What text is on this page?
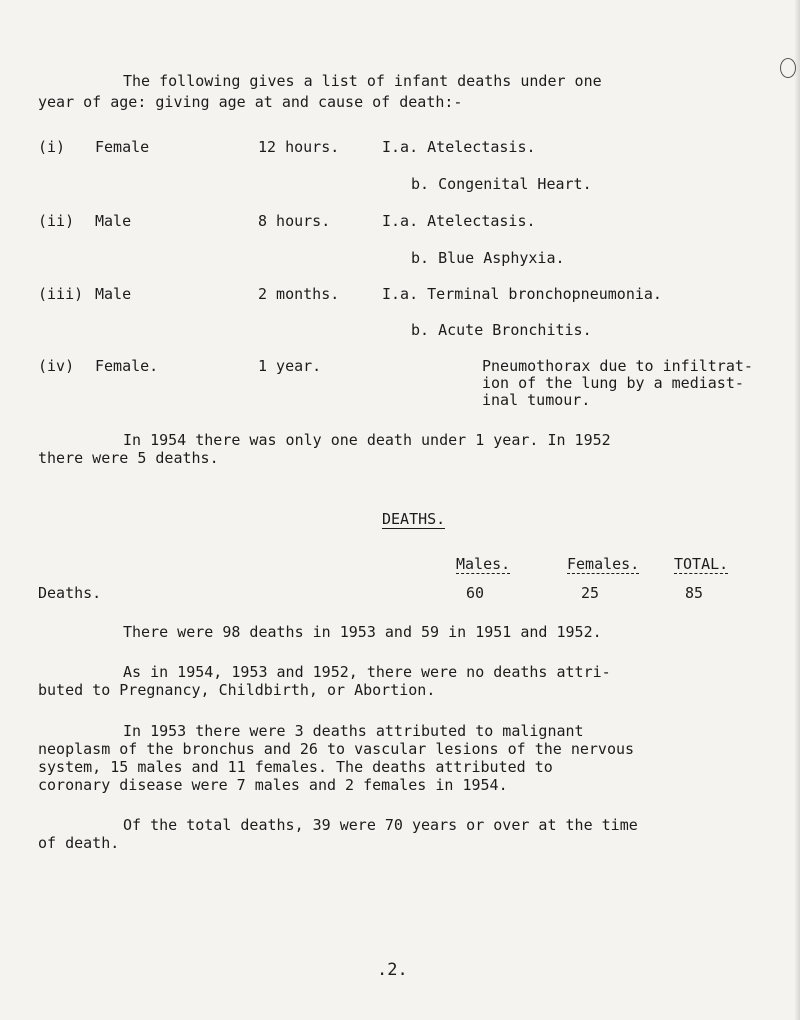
The following gives a list of infant deaths under one
year of age: giving age at and cause of death:-
(i) Female	12 hours.	I.a. Atelectasis.
b. Congenital Heart.
(ii) Male	8 hours.	I.a. Atelectasis.
b. Blue Asphyxia.
(iii) Male	2 months.	I.a. Terminal bronchopneumonia.
b. Acute Bronchitis.
(iv) Female.	1 year.	Pneumothorax due to infiltrat-
ion of the lung by a mediast-
inal tumour.
In 1954 there was only one death under 1 year. In 1952
there were 5 deaths.
DEATHS.
Males.	Females. TOTAL.
Deaths.	60	25	85
There were 98 deaths in 1953 and 59 in 1951 and 1952.
As in 1954, 1953 and 1952, there were no deaths attri-
buted to Pregnancy, Childbirth, or Abortion.
In 1953 there were 3 deaths attributed to malignant
neoplasm of the bronchus and 26 to vascular lesions of the nervous
system, 15 males and 11 females. The deaths attributed to
coronary disease were 7 males and 2 females in 1954.
Of the total deaths, 39 were 70 years or over at the time
of death.
.2.
